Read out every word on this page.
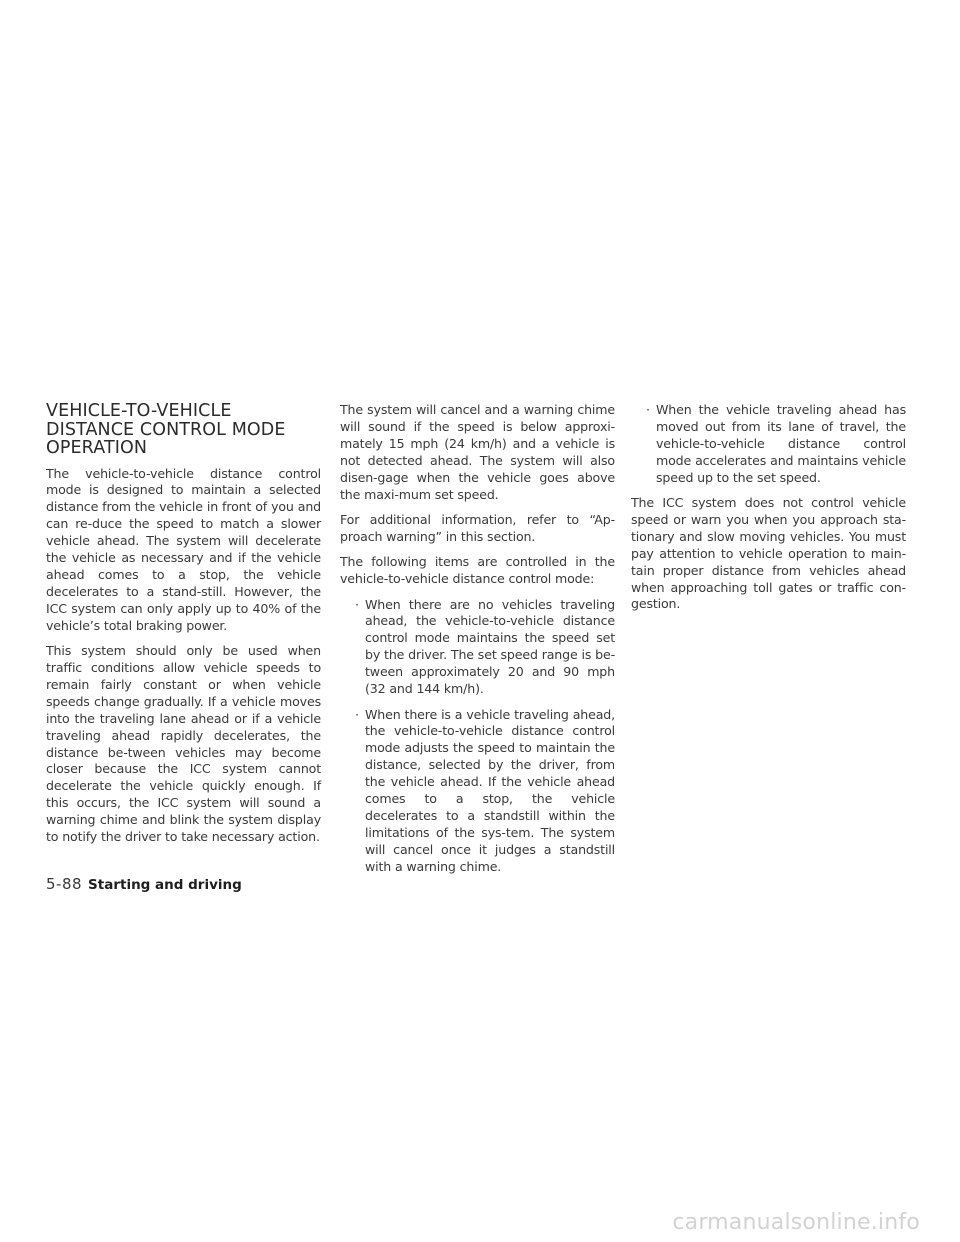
VEHICLE-TO-VEHICLE
DISTANCE CONTROL MODE
OPERATION

The vehicle-to-vehicle distance control mode is designed to maintain a selected distance from the vehicle in front of you and can re-duce the speed to match a slower vehicle ahead. The system will decelerate the vehicle as necessary and if the vehicle ahead comes to a stop, the vehicle decelerates to a stand-still. However, the ICC system can only apply up to 40% of the vehicle’s total braking power.

This system should only be used when traffic conditions allow vehicle speeds to remain fairly constant or when vehicle speeds change gradually. If a vehicle moves into the traveling lane ahead or if a vehicle traveling ahead rapidly decelerates, the distance be-tween vehicles may become closer because the ICC system cannot decelerate the vehicle quickly enough. If this occurs, the ICC system will sound a warning chime and blink the system display to notify the driver to take necessary action.

The system will cancel and a warning chime will sound if the speed is below approxi-mately 15 mph (24 km/h) and a vehicle is not detected ahead. The system will also disen-gage when the vehicle goes above the maxi-mum set speed.

For additional information, refer to “Ap-proach warning” in this section.

The following items are controlled in the vehicle-to-vehicle distance control mode:

· When there are no vehicles traveling ahead, the vehicle-to-vehicle distance control mode maintains the speed set by the driver. The set speed range is be-tween approximately 20 and 90 mph (32 and 144 km/h).
· When there is a vehicle traveling ahead, the vehicle-to-vehicle distance control mode adjusts the speed to maintain the distance, selected by the driver, from the vehicle ahead. If the vehicle ahead comes to a stop, the vehicle decelerates to a standstill within the limitations of the sys-tem. The system will cancel once it judges a standstill with a warning chime.
· When the vehicle traveling ahead has moved out from its lane of travel, the vehicle-to-vehicle distance control mode accelerates and maintains vehicle speed up to the set speed.

The ICC system does not control vehicle speed or warn you when you approach sta-tionary and slow moving vehicles. You must pay attention to vehicle operation to main-tain proper distance from vehicles ahead when approaching toll gates or traffic con-gestion.

5-88 Starting and driving
carmanualsonline.info
